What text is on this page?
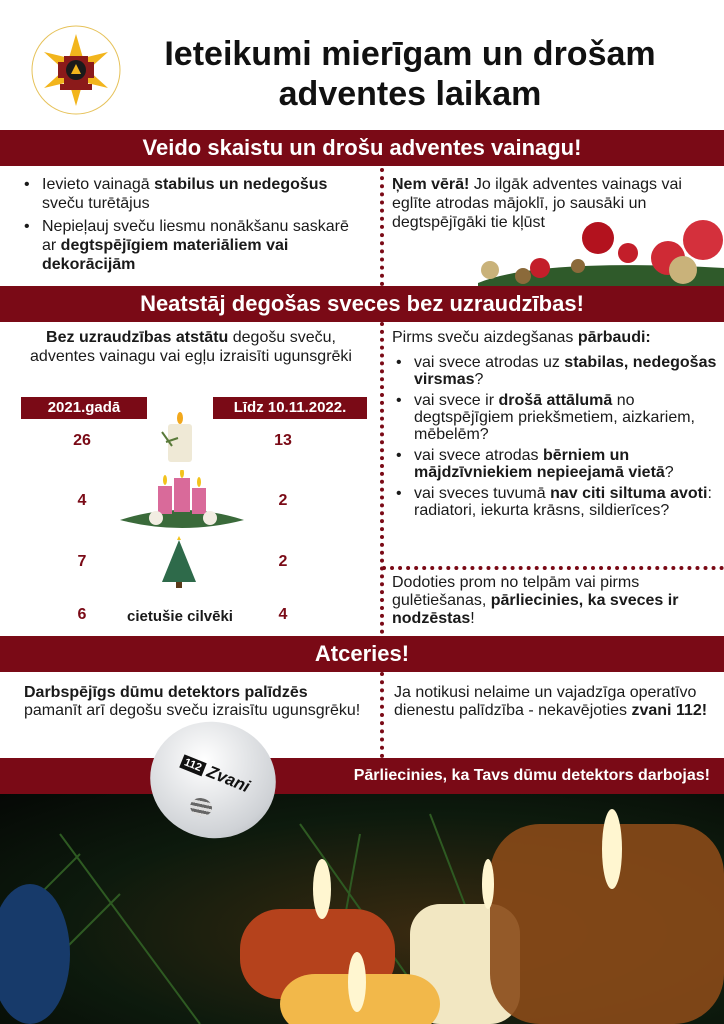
Ieteikumi mierīgam un drošam
adventes laikam
Veido skaistu un drošu adventes vainagu!
• Ievieto vainagā stabilus un nedegošus sveču turētājus
• Nepieļauj sveču liesmu nonākšanu saskarē ar degtspējīgiem materiāliem vai dekorācijām
Ņem vērā! Jo ilgāk adventes vainags vai eglīte atrodas mājoklī, jo sausāki un degtspējīgāki tie kļūst
Neatstāj degošas sveces bez uzraudzības!
Bez uzraudzības atstātu degošu sveču, adventes vainagu vai egļu izraisīti ugunsgrēki
2021.gadā	Līdz 10.11.2022.
26	13
4	2
7	2
6	4
cietušie cilvēki
Pirms sveču aizdegšanas pārbaudi:
• vai svece atrodas uz stabilas, nedegošas virsmas?
• vai svece ir drošā attālumā no degtspējīgiem priekšmetiem, aizkariem, mēbelēm?
• vai svece atrodas bērniem un mājdzīvniekiem nepieejamā vietā?
• vai sveces tuvumā nav citi siltuma avoti: radiatori, iekurta krāsns, sildierīces?
Dodoties prom no telpām vai pirms gulētiešanas, pārliecinies, ka sveces ir nodzēstas!
Atceries!
Darbspējīgs dūmu detektors palīdzēs pamanīt arī degošu sveču izraisītu ugunsgrēku!
Ja notikusi nelaime un vajadzīga operatīvo dienestu palīdzība - nekavējoties zvani 112!
Pārliecinies, ka Tavs dūmu detektors darbojas!
112 Zvani
